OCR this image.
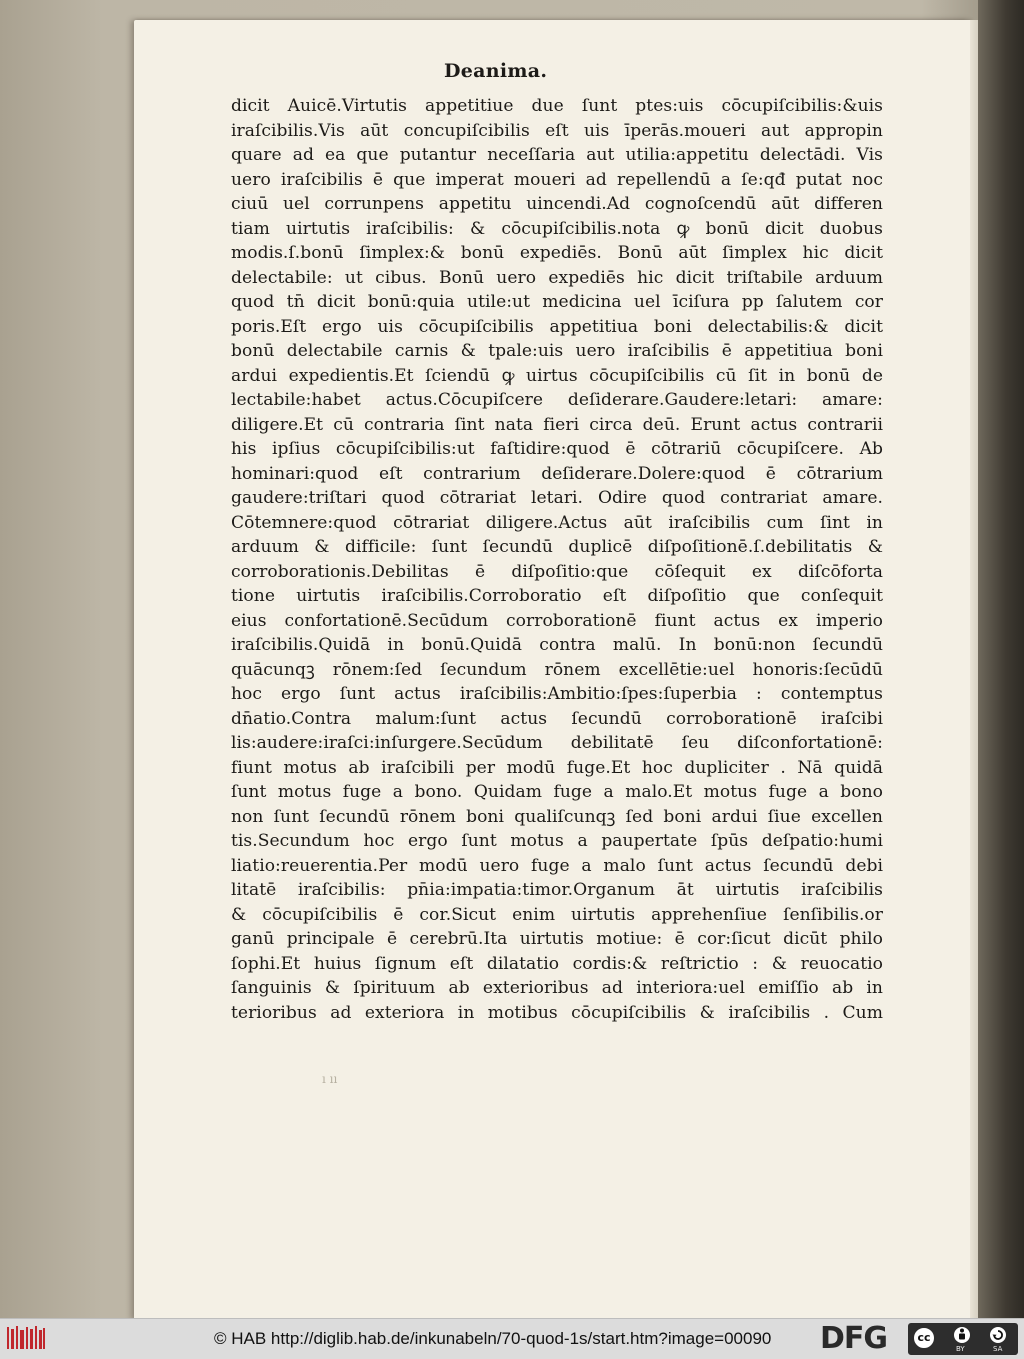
Deanima.
dicit Auicē.Virtutis appetitiue due ſunt ptes:uis cōcupiſcibilis:&uis
iraſcibilis.Vis aūt concupiſcibilis eſt uis īperās.moueri aut appropin
quare ad ea que putantur neceſſaria aut utilia:appetitu delectādi. Vis
uero iraſcibilis ē que imperat moueri ad repellendū a ſe:qđ putat noc
ciuū uel corrunpens appetitu uincendi.Ad cognoſcendū aūt differen
tiam uirtutis iraſcibilis: & cōcupiſcibilis.nota ꝙ bonū dicit duobus
modis.ſ.bonū ſimplex:& bonū expediēs. Bonū aūt ſimplex hic dicit
delectabile: ut cibus. Bonū uero expediēs hic dicit triſtabile arduum
quod tn̄ dicit bonū:quia utile:ut medicina uel īciſura pp ſalutem cor
poris.Eſt ergo uis cōcupiſcibilis appetitiua boni delectabilis:& dicit
bonū delectabile carnis & tpale:uis uero iraſcibilis ē appetitiua boni
ardui expedientis.Et ſciendū ꝙ uirtus cōcupiſcibilis cū ſit in bonū de
lectabile:habet actus.Cōcupiſcere deſiderare.Gaudere:letari: amare:
diligere.Et cū contraria ſint nata fieri circa deū. Erunt actus contrarii
his ipſius cōcupiſcibilis:ut faſtidire:quod ē cōtrariū cōcupiſcere. Ab
hominari:quod eſt contrarium deſiderare.Dolere:quod ē cōtrarium
gaudere:triſtari quod cōtrariat letari. Odire quod contrariat amare.
Cōtemnere:quod cōtrariat diligere.Actus aūt iraſcibilis cum ſint in
arduum & difficile: ſunt ſecundū duplicē diſpoſitionē.ſ.debilitatis &
corroborationis.Debilitas ē diſpoſitio:que cōſequit ex diſcōforta
tione uirtutis iraſcibilis.Corroboratio eſt diſpoſitio que conſequit
eius confortationē.Secūdum corroborationē fiunt actus ex imperio
iraſcibilis.Quidā in bonū.Quidā contra malū. In bonū:non ſecundū
quācunqꝫ rōnem:ſed ſecundum rōnem excellētie:uel honoris:ſecūdū
hoc ergo ſunt actus iraſcibilis:Ambitio:ſpes:ſuperbia : contemptus
dn̄atio.Contra malum:ſunt actus ſecundū corroborationē iraſcibi
lis:audere:iraſci:inſurgere.Secūdum debilitatē ſeu diſconfortationē:
fiunt motus ab iraſcibili per modū fuge.Et hoc dupliciter . Nā quidā
ſunt motus fuge a bono. Quidam fuge a malo.Et motus fuge a bono
non ſunt ſecundū rōnem boni qualiſcunqꝫ ſed boni ardui ſiue excellen
tis.Secundum hoc ergo ſunt motus a paupertate ſpūs deſpatio:humi
liatio:reuerentia.Per modū uero fuge a malo ſunt actus ſecundū debi
litatē iraſcibilis: pn̄ia:impatia:timor.Organum āt uirtutis iraſcibilis
& cōcupiſcibilis ē cor.Sicut enim uirtutis apprehenſiue ſenſibilis.or
ganū principale ē cerebrū.Ita uirtutis motiue: ē cor:ſicut dicūt philo
ſophi.Et huius ſignum eſt dilatatio cordis:& reſtrictio : & reuocatio
ſanguinis & ſpirituum ab exterioribus ad interiora:uel emiſſio ab in
terioribus ad exteriora in motibus cōcupiſcibilis & iraſcibilis . Cum
ı ıı
© HAB http://diglib.hab.de/inkunabeln/70-quod-1s/start.htm?image=00090 DFG	cc
BY	SA
